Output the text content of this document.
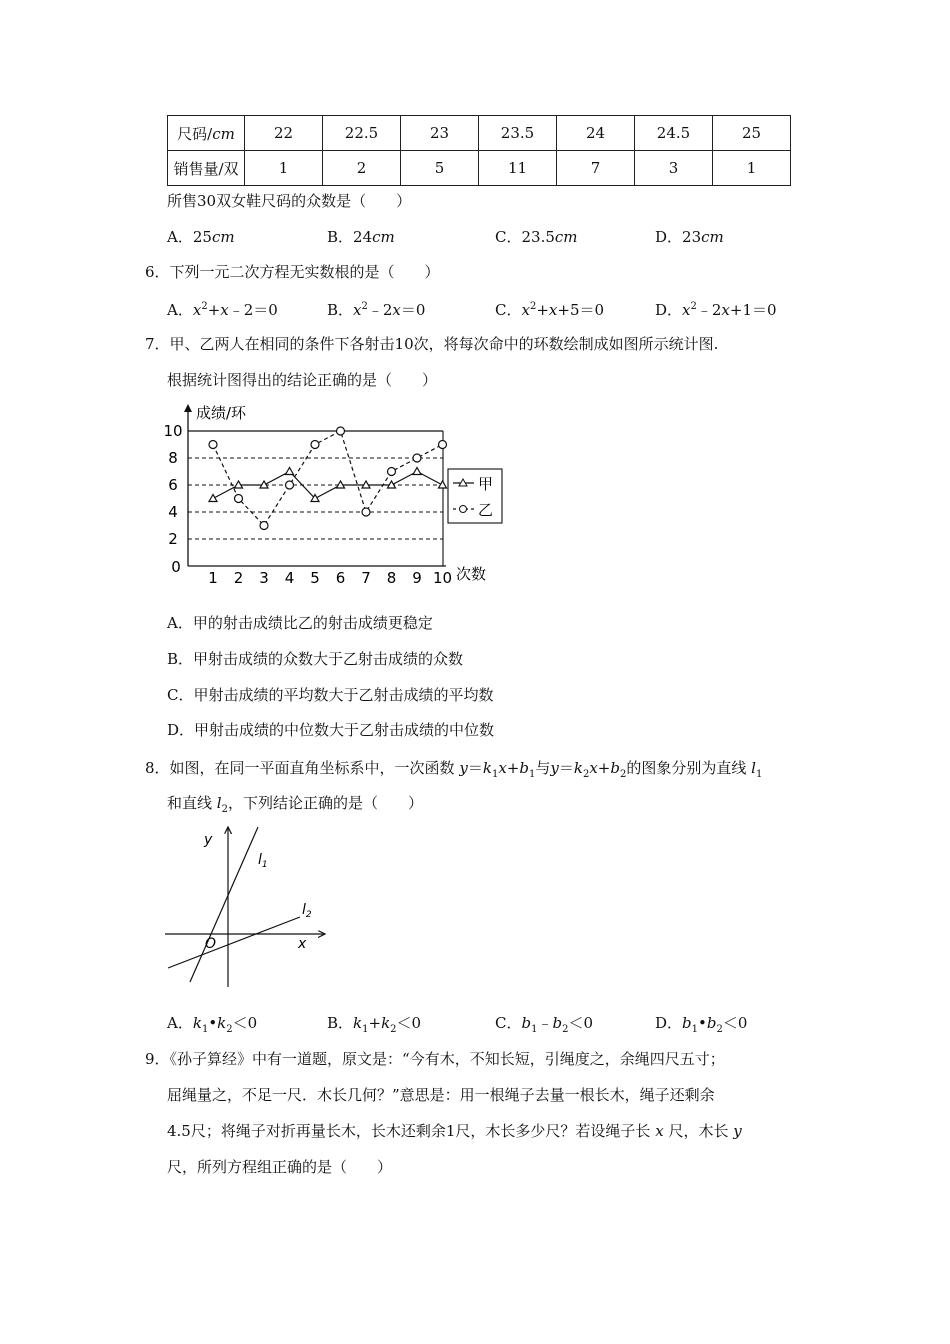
尺码/cm	22	22.5	23	23.5	24	24.5	25
销售量/双	1	2	5	11	7	3	1
所售30双女鞋尺码的众数是（　　）
A．25cm	B．24cm	C．23.5cm	D．23cm
6．下列一元二次方程无实数根的是（　　）
A．$x^2+x﹣2=0$	B．$x^2﹣2x=0$	C．$x^2+x+5=0$	D．$x^2﹣2x+1=0$
7．甲、乙两人在相同的条件下各射击10次，将每次命中的环数绘制成如图所示统计图.
根据统计图得出的结论正确的是（　　）
2
4
6
8
10
0
成绩/环
次数
1 2 3 4 5 6 7 8 9 10
甲
乙
A．甲的射击成绩比乙的射击成绩更稳定
B．甲射击成绩的众数大于乙射击成绩的众数
C．甲射击成绩的平均数大于乙射击成绩的平均数
D．甲射击成绩的中位数大于乙射击成绩的中位数
8．如图，在同一平面直角坐标系中，一次函数 $y=k_1x+b_1$与$y=k_2x+b_2$的图象分别为直线 $l_1$
和直线 $l_2$，下列结论正确的是（　　）
y
x
O
$l_1$
$l_2$
A．$k_1•k_2<0$	B．$k_1+k_2<0$	C．$b_1﹣b_2<0$	D．$b_1•b_2<0$
9．《孙子算经》中有一道题，原文是：“今有木，不知长短，引绳度之，余绳四尺五寸；
屈绳量之，不足一尺．木长几何？”意思是：用一根绳子去量一根长木，绳子还剩余
4.5尺；将绳子对折再量长木，长木还剩余1尺，木长多少尺？若设绳子长 x 尺，木长 y
尺，所列方程组正确的是（　　）
